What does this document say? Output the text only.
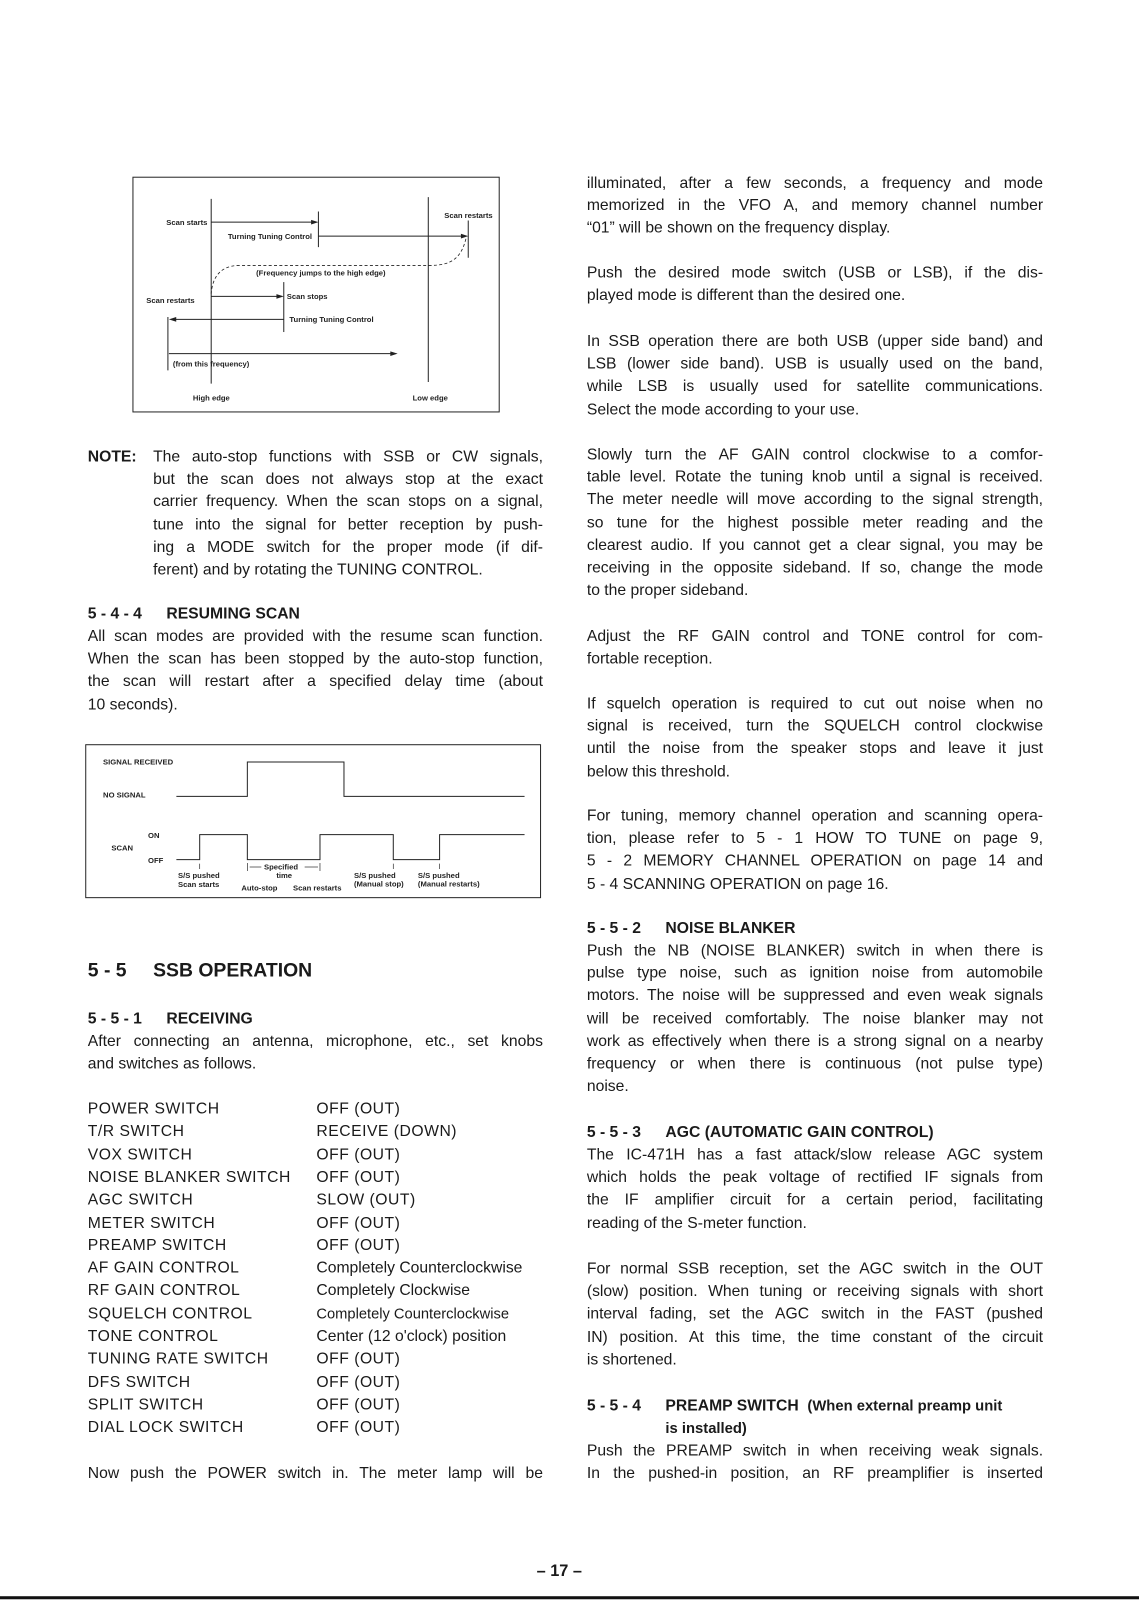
Scan starts
Turning Tuning Control
Scan restarts
(Frequency jumps to the high edge)
Scan stops
Scan restarts
Turning Tuning Control
(from this frequency)
High edge	Low edge
NOTE: The auto-stop functions with SSB or CW signals,
but the scan does not always stop at the exact
carrier frequency. When the scan stops on a signal,
tune into the signal for better reception by push-
ing a MODE switch for the proper mode (if dif-
ferent) and by rotating the TUNING CONTROL.
5 - 4 - 4 RESUMING SCAN
All scan modes are provided with the resume scan function.
When the scan has been stopped by the auto-stop function,
the scan will restart after a specified delay time (about
10 seconds).
SIGNAL RECEIVED
NO SIGNAL
ON
SCAN
OFF
S/S pushed
Scan starts
Specified
time
Auto-stop Scan restarts
S/S pushed
(Manual stop)
S/S pushed
(Manual restarts)
5 - 5 SSB OPERATION
5 - 5 - 1 RECEIVING
After connecting an antenna, microphone, etc., set knobs
and switches as follows.
POWER SWITCH	OFF (OUT)
T/R SWITCH	RECEIVE (DOWN)
VOX SWITCH	OFF (OUT)
NOISE BLANKER SWITCH OFF (OUT)
AGC SWITCH	SLOW (OUT)
METER SWITCH	OFF (OUT)
PREAMP SWITCH	OFF (OUT)
AF GAIN CONTROL	Completely Counterclockwise
RF GAIN CONTROL	Completely Clockwise
SQUELCH CONTROL	Completely Counterclockwise
TONE CONTROL	Center (12 o'clock) position
TUNING RATE SWITCH	OFF (OUT)
DFS SWITCH	OFF (OUT)
SPLIT SWITCH	OFF (OUT)
DIAL LOCK SWITCH	OFF (OUT)
Now push the POWER switch in. The meter lamp will be
illuminated, after a few seconds, a frequency and mode
memorized in the VFO A, and memory channel number
“01” will be shown on the frequency display.
Push the desired mode switch (USB or LSB), if the dis-
played mode is different than the desired one.
In SSB operation there are both USB (upper side band) and
LSB (lower side band). USB is usually used on the band,
while LSB is usually used for satellite communications.
Select the mode according to your use.
Slowly turn the AF GAIN control clockwise to a comfor-
table level. Rotate the tuning knob until a signal is received.
The meter needle will move according to the signal strength,
so tune for the highest possible meter reading and the
clearest audio. If you cannot get a clear signal, you may be
receiving in the opposite sideband. If so, change the mode
to the proper sideband.
Adjust the RF GAIN control and TONE control for com-
fortable reception.
If squelch operation is required to cut out noise when no
signal is received, turn the SQUELCH control clockwise
until the noise from the speaker stops and leave it just
below this threshold.
For tuning, memory channel operation and scanning opera-
tion, please refer to 5 - 1 HOW TO TUNE on page 9,
5 - 2 MEMORY CHANNEL OPERATION on page 14 and
5 - 4 SCANNING OPERATION on page 16.
5 - 5 - 2 NOISE BLANKER
Push the NB (NOISE BLANKER) switch in when there is
pulse type noise, such as ignition noise from automobile
motors. The noise will be suppressed and even weak signals
will be received comfortably. The noise blanker may not
work as effectively when there is a strong signal on a nearby
frequency or when there is continuous (not pulse type)
noise.
5 - 5 - 3 AGC (AUTOMATIC GAIN CONTROL)
The IC-471H has a fast attack/slow release AGC system
which holds the peak voltage of rectified IF signals from
the IF amplifier circuit for a certain period, facilitating
reading of the S-meter function.
For normal SSB reception, set the AGC switch in the OUT
(slow) position. When tuning or receiving signals with short
interval fading, set the AGC switch in the FAST (pushed
IN) position. At this time, the time constant of the circuit
is shortened.
5 - 5 - 4 PREAMP SWITCH (When external preamp unit
is installed)
Push the PREAMP switch in when receiving weak signals.
In the pushed-in position, an RF preamplifier is inserted
– 17 –
